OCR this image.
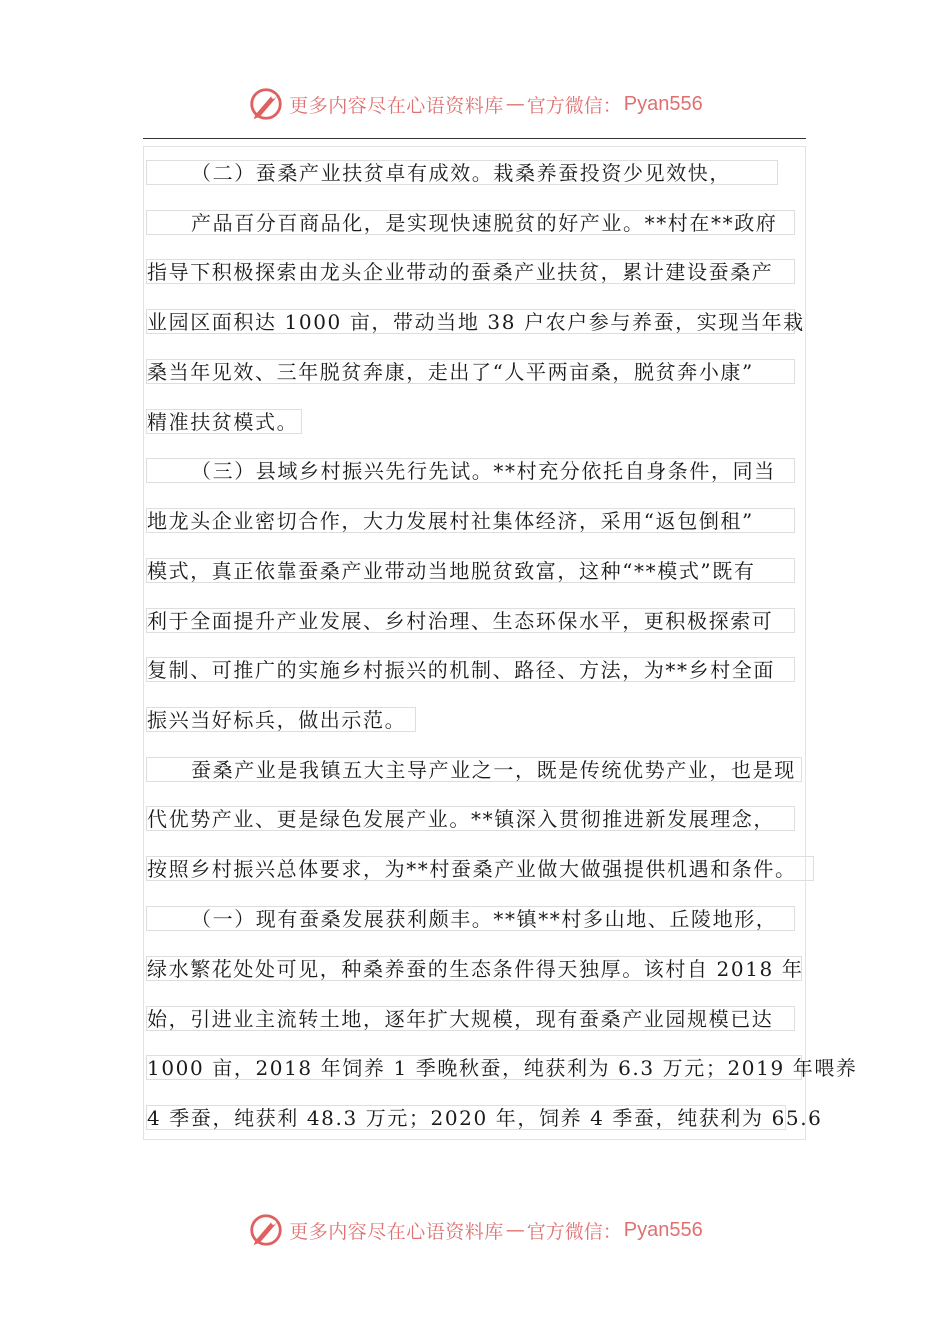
更多内容尽在心语资料库 — 官方微信： Pyan556
（二）蚕桑产业扶贫卓有成效。栽桑养蚕投资少见效快，
产品百分百商品化，是实现快速脱贫的好产业。**村在**政府
指导下积极探索由龙头企业带动的蚕桑产业扶贫，累计建设蚕桑产
业园区面积达 1000 亩，带动当地 38 户农户参与养蚕，实现当年栽
桑当年见效、三年脱贫奔康，走出了“人平两亩桑，脱贫奔小康”
精准扶贫模式。
（三）县域乡村振兴先行先试。**村充分依托自身条件，同当
地龙头企业密切合作，大力发展村社集体经济，采用“返包倒租”
模式，真正依靠蚕桑产业带动当地脱贫致富，这种“**模式”既有
利于全面提升产业发展、乡村治理、生态环保水平，更积极探索可
复制、可推广的实施乡村振兴的机制、路径、方法，为**乡村全面
振兴当好标兵，做出示范。
蚕桑产业是我镇五大主导产业之一，既是传统优势产业，也是现
代优势产业、更是绿色发展产业。**镇深入贯彻推进新发展理念，
按照乡村振兴总体要求，为**村蚕桑产业做大做强提供机遇和条件。
（一）现有蚕桑发展获利颇丰。**镇**村多山地、丘陵地形，
绿水繁花处处可见，种桑养蚕的生态条件得天独厚。该村自 2018 年
始，引进业主流转土地，逐年扩大规模，现有蚕桑产业园规模已达
1000 亩，2018 年饲养 1 季晚秋蚕，纯获利为 6.3 万元；2019 年喂养
4 季蚕，纯获利 48.3 万元；2020 年，饲养 4 季蚕，纯获利为 65.6
更多内容尽在心语资料库 — 官方微信： Pyan556
